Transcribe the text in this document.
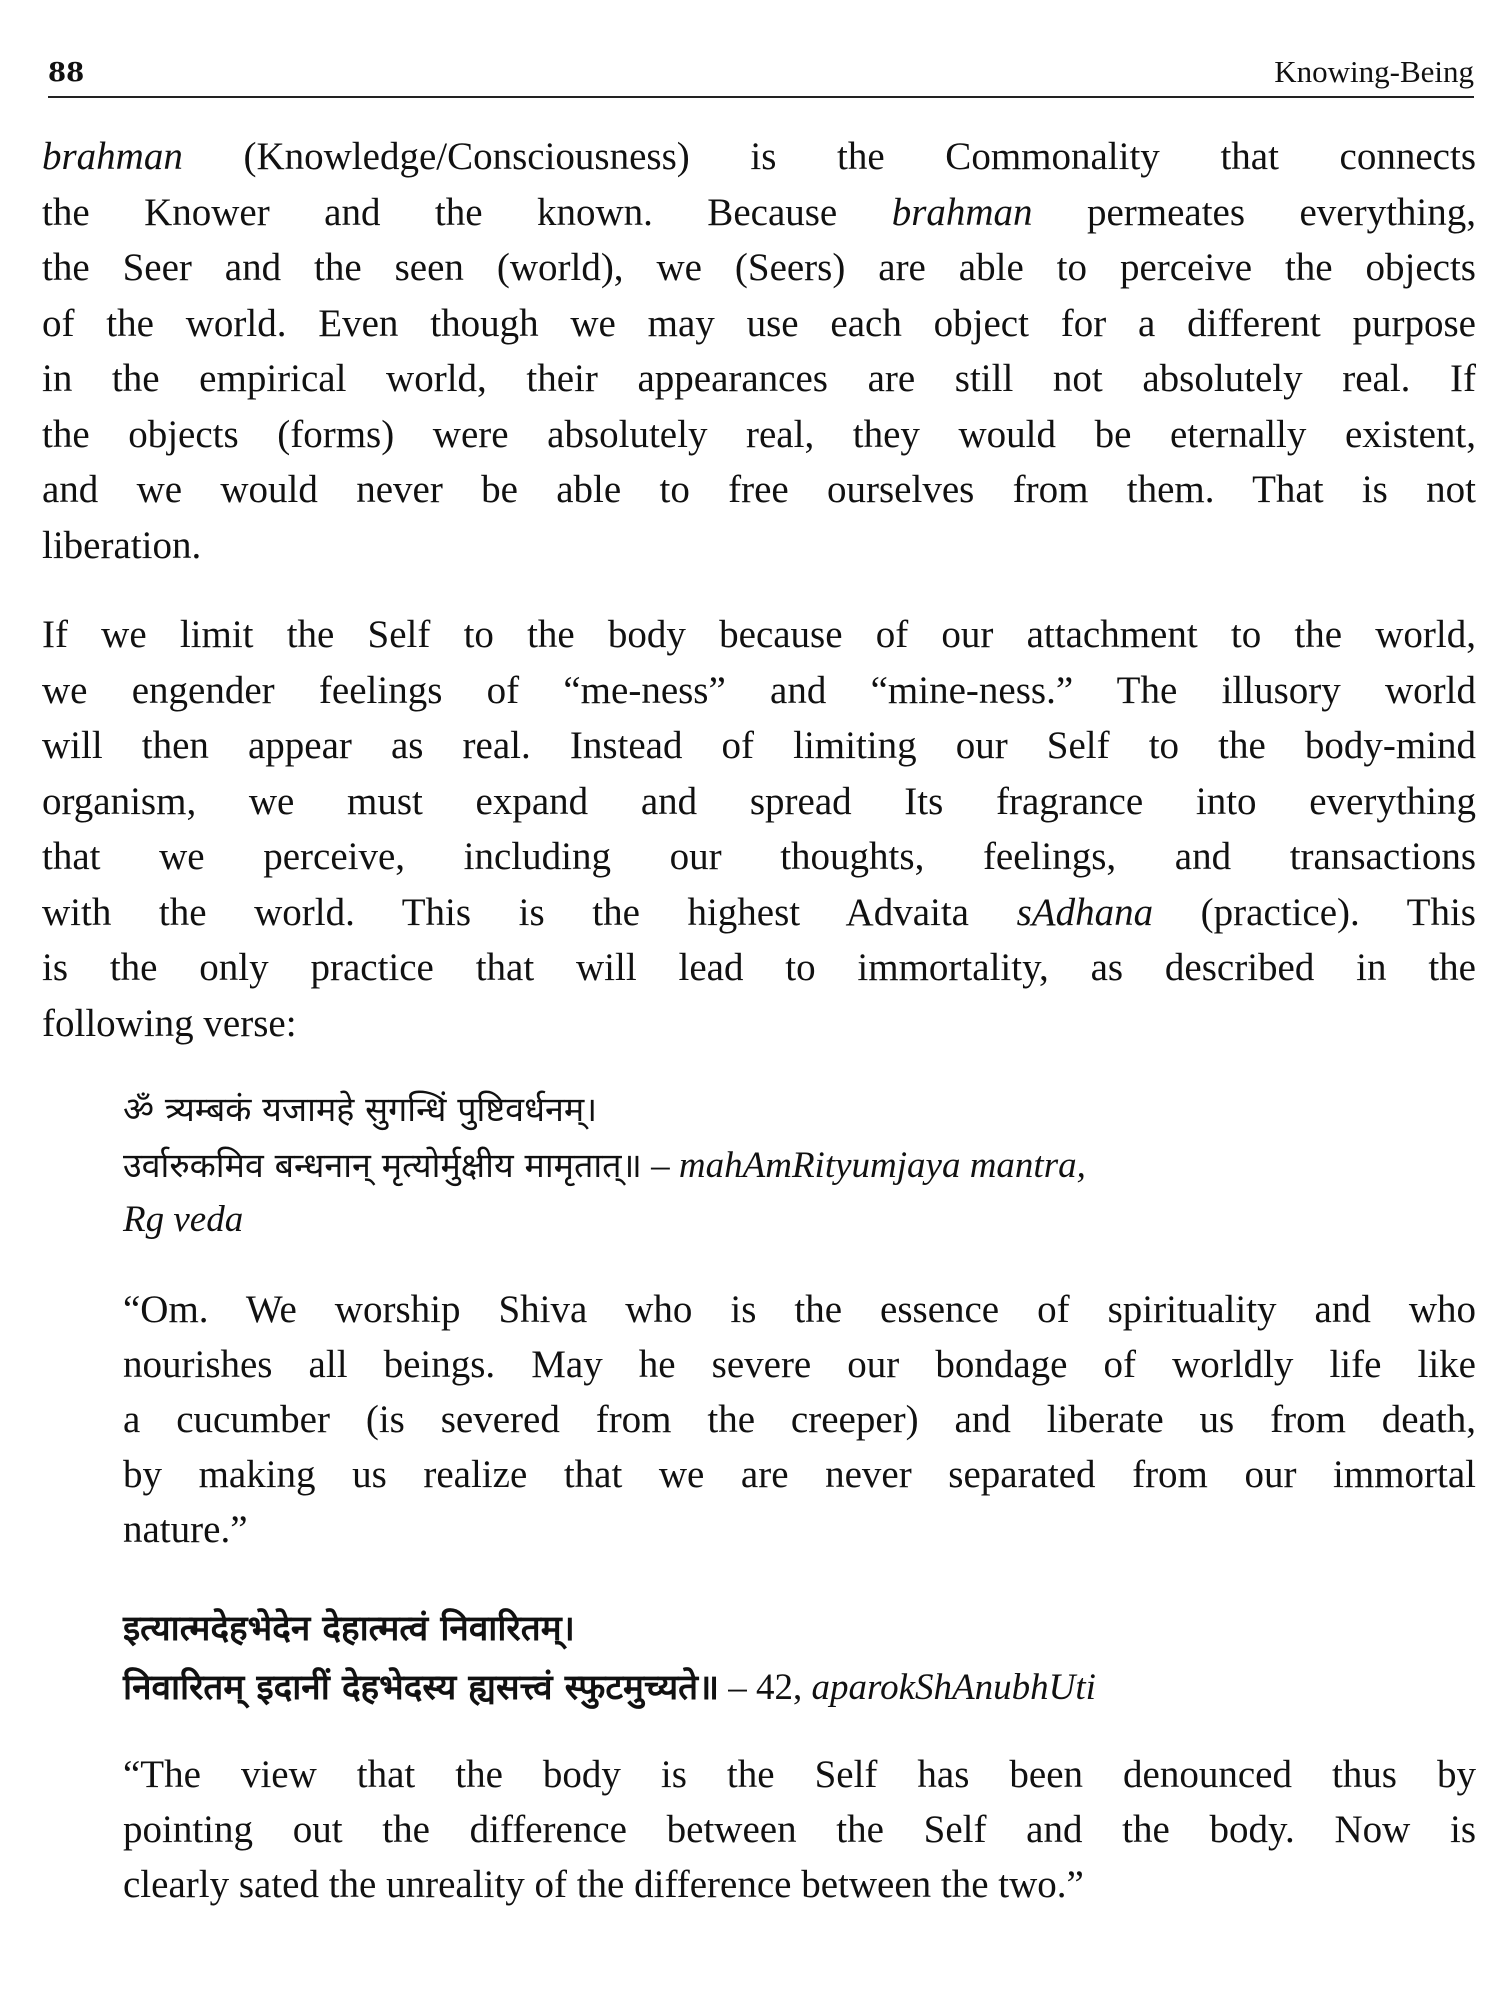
88	Knowing-Being

brahman (Knowledge/Consciousness) is the Commonality that connects
the Knower and the known. Because brahman permeates everything,
the Seer and the seen (world), we (Seers) are able to perceive the objects
of the world. Even though we may use each object for a different purpose
in the empirical world, their appearances are still not absolutely real. If
the objects (forms) were absolutely real, they would be eternally existent,
and we would never be able to free ourselves from them. That is not
liberation.

If we limit the Self to the body because of our attachment to the world,
we engender feelings of “me-ness” and “mine-ness.” The illusory world
will then appear as real. Instead of limiting our Self to the body-mind
organism, we must expand and spread Its fragrance into everything
that we perceive, including our thoughts, feelings, and transactions
with the world. This is the highest Advaita sAdhana (practice). This
is the only practice that will lead to immortality, as described in the
following verse:

ॐ त्र्यम्बकं यजामहे सुगन्धिं पुष्टिवर्धनम्।
उर्वारुकमिव बन्धनान् मृत्योर्मुक्षीय मामृतात्॥ – mahAmRityumjaya mantra,
Rg veda

“Om. We worship Shiva who is the essence of spirituality and who
nourishes all beings. May he severe our bondage of worldly life like
a cucumber (is severed from the creeper) and liberate us from death,
by making us realize that we are never separated from our immortal
nature.”

इत्यात्मदेहभेदेन देहात्मत्वं निवारितम्।
निवारितम् इदानीं देहभेदस्य ह्यसत्त्वं स्फुटमुच्यते॥ – 42, aparokShAnubhUti

“The view that the body is the Self has been denounced thus by
pointing out the difference between the Self and the body. Now is
clearly sated the unreality of the difference between the two.”
